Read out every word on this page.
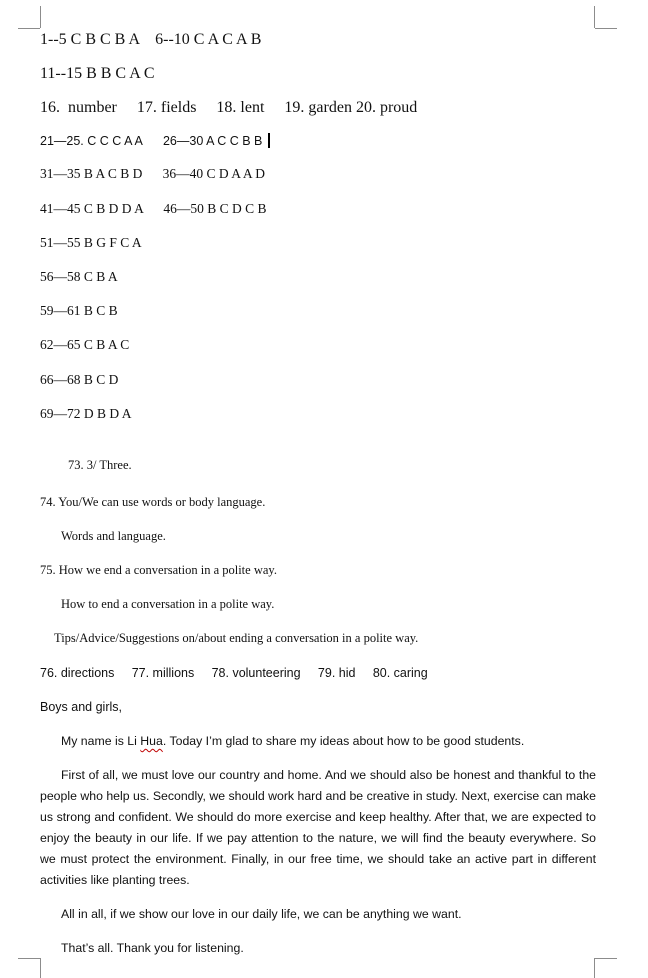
1--5 C B C B A    6--10 C A C A B
11--15 B B C A C
16.  number     17. fields     18. lent     19. garden 20. proud
21—25. C C C A A      26—30 A C C B B
31—35 B A C B D      36—40 C D A A D
41—45 C B D D A      46—50 B C D C B
51—55 B G F C A
56—58 C B A
59—61 B C B
62—65 C B A C
66—68 B C D
69—72 D B D A
73. 3/ Three.
74. You/We can use words or body language.
Words and language.
75. How we end a conversation in a polite way.
How to end a conversation in a polite way.
Tips/Advice/Suggestions on/about ending a conversation in a polite way.
76. directions     77. millions     78. volunteering     79. hid     80. caring
Boys and girls,
My name is Li Hua. Today I’m glad to share my ideas about how to be good students.
First of all, we must love our country and home. And we should also be honest and thankful to the people who help us. Secondly, we should work hard and be creative in study. Next, exercise can make us strong and confident. We should do more exercise and keep healthy. After that, we are expected to enjoy the beauty in our life. If we pay attention to the nature, we will find the beauty everywhere. So we must protect the environment. Finally, in our free time, we should take an active part in different activities like planting trees.
All in all, if we show our love in our daily life, we can be anything we want.
That’s all. Thank you for listening.
